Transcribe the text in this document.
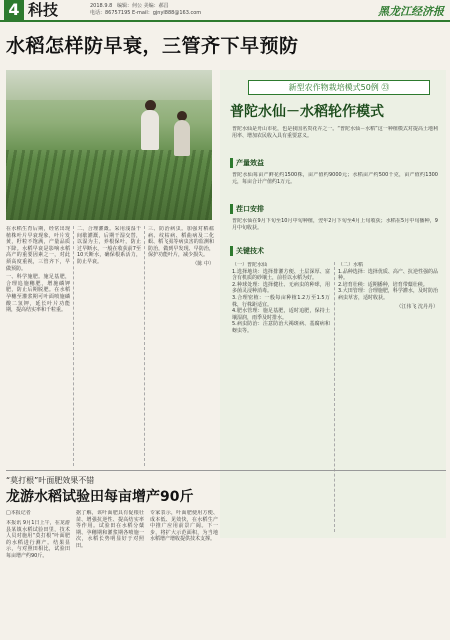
4 科技	2018.9.8 编辑：何公 美编：郝昌
电话：86757195 E-mail：gjnyl888@163.com	黑龙江经济报
水稻怎样防早衰，三管齐下早预防

在水稻生育后期，经常出现植株叶片早衰现象，叶片发黄，籽粒不饱满，产量品质下降。水稻早衰是影响水稻高产的重要因素之一，对此须高度重视，三管齐下，早做预防。

一、科学施肥。施足基肥，合理追施穗肥，增施磷钾肥，防止后期脱肥。在水稻孕穗至灌浆期可叶面喷施磷酸二氢钾，延长叶片功能期，提高结实率和千粒重。

二、合理灌溉。采用浅湿干间歇灌溉，后期干湿交替，以湿为主，养根保叶，防止过早断水，一般在收获前7至10天断水，确保根系活力，防止早衰。

三、防治病虫。加强对稻瘟病、纹枯病、稻曲病及二化螟、稻飞虱等病虫害的监测和防治，做到早发现、早防治，保护功能叶片，减少损失。

（陈 中）

新型农作物栽培模式50例 ㉓
普陀水仙－水稻轮作模式
普陀水仙是舟山市花，也是我国名贵花卉之一。“普陀水仙－水稻”这一种植模式对提高土地利用率、增加农民收入具有重要意义。
产量效益
普陀水仙每亩产鲜花约1500株，亩产值约9000元；水稻亩产约500千克，亩产值约1300元，每亩合计产值约1万元。
茬口安排
普陀水仙在9月下旬至10月中旬种植，翌年2月下旬至4月上旬收获；水稻在5月中旬播种，9月中旬收获。
关键技术
（一）普陀水仙
1.选择地块：选择排灌方便、土层深厚、富含有机质的砂壤土，前茬以水稻为好。
2.种球处理：选择健壮、无病虫的种球，用多菌灵浸种消毒。
3.合理密植：一般每亩种植1.2万至1.5万株，行株距适宜。
4.肥水管理：施足基肥，适时追肥，保持土壤湿润，雨季及时排水。
5.病虫防治：注意防治大褐斑病、基腐病和蚜虫等。
（二）水稻
1.品种选择：选择优质、高产、抗逆性强的品种。
2.培育壮秧：适期播种，培育带蘖壮秧。
3.大田管理：合理施肥，科学灌水，及时防治病虫草害，适时收获。
（江伟飞 沈丹丹）
“莫打根”叶面肥效果不错
龙游水稻试验田每亩增产90斤
□本报记者

本报讯 9月1日上午，在龙游县某镇水稻试验田里，技术人员对施用“莫打根”叶面肥的水稻进行测产。结果显示，与对照田相比，试验田每亩增产约90斤。

据了解，该叶面肥具有促根壮苗、增强抗逆性、提高结实率等作用。试验田在水稻分蘖期、孕穗期和灌浆期各喷施一次，水稻长势明显好于对照田。

专家表示，叶面肥使用方便、成本低、见效快，在水稻生产中推广应用前景广阔。下一步，将扩大示范面积，为当地水稻增产增收提供技术支撑。
